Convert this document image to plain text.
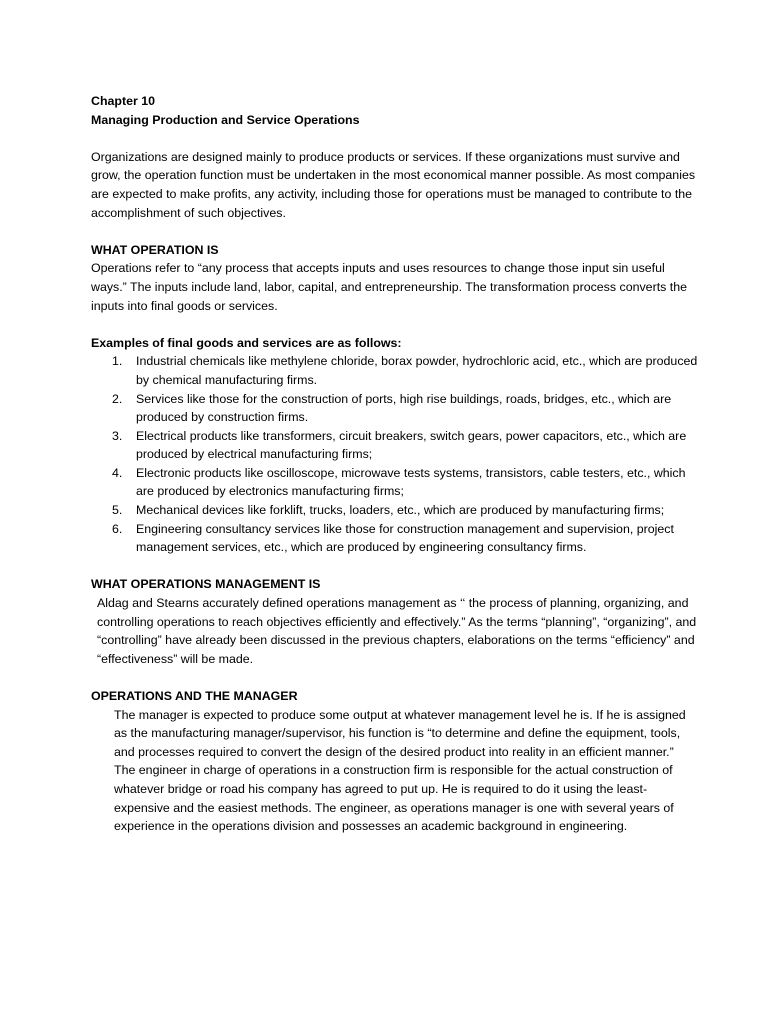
Chapter 10

Managing Production and Service Operations

Organizations are designed mainly to produce products or services. If these organizations must survive and grow, the operation function must be undertaken in the most economical manner possible. As most companies are expected to make profits, any activity, including those for operations must be managed to contribute to the accomplishment of such objectives.

WHAT OPERATION IS

Operations refer to “any process that accepts inputs and uses resources to change those input sin useful ways.” The inputs include land, labor, capital, and entrepreneurship. The transformation process converts the inputs into final goods or services.

Examples of final goods and services are as follows:

1. Industrial chemicals like methylene chloride, borax powder, hydrochloric acid, etc., which are produced by chemical manufacturing firms.
2. Services like those for the construction of ports, high rise buildings, roads, bridges, etc., which are produced by construction firms.
3. Electrical products like transformers, circuit breakers, switch gears, power capacitors, etc., which are produced by electrical manufacturing firms;
4. Electronic products like oscilloscope, microwave tests systems, transistors, cable testers, etc., which are produced by electronics manufacturing firms;
5. Mechanical devices like forklift, trucks, loaders, etc., which are produced by manufacturing firms;
6. Engineering consultancy services like those for construction management and supervision, project management services, etc., which are produced by engineering consultancy firms.

WHAT OPERATIONS MANAGEMENT IS

Aldag and Stearns accurately defined operations management as ‘‘ the process of planning, organizing, and controlling operations to reach objectives efficiently and effectively.” As the terms “planning”, “organizing”, and “controlling” have already been discussed in the previous chapters, elaborations on the terms “efficiency” and “effectiveness” will be made.

OPERATIONS AND THE MANAGER

The manager is expected to produce some output at whatever management level he is. If he is assigned as the manufacturing manager/supervisor, his function is “to determine and define the equipment, tools, and processes required to convert the design of the desired product into reality in an efficient manner.” The engineer in charge of operations in a construction firm is responsible for the actual construction of whatever bridge or road his company has agreed to put up. He is required to do it using the least-expensive and the easiest methods. The engineer, as operations manager is one with several years of experience in the operations division and possesses an academic background in engineering.
